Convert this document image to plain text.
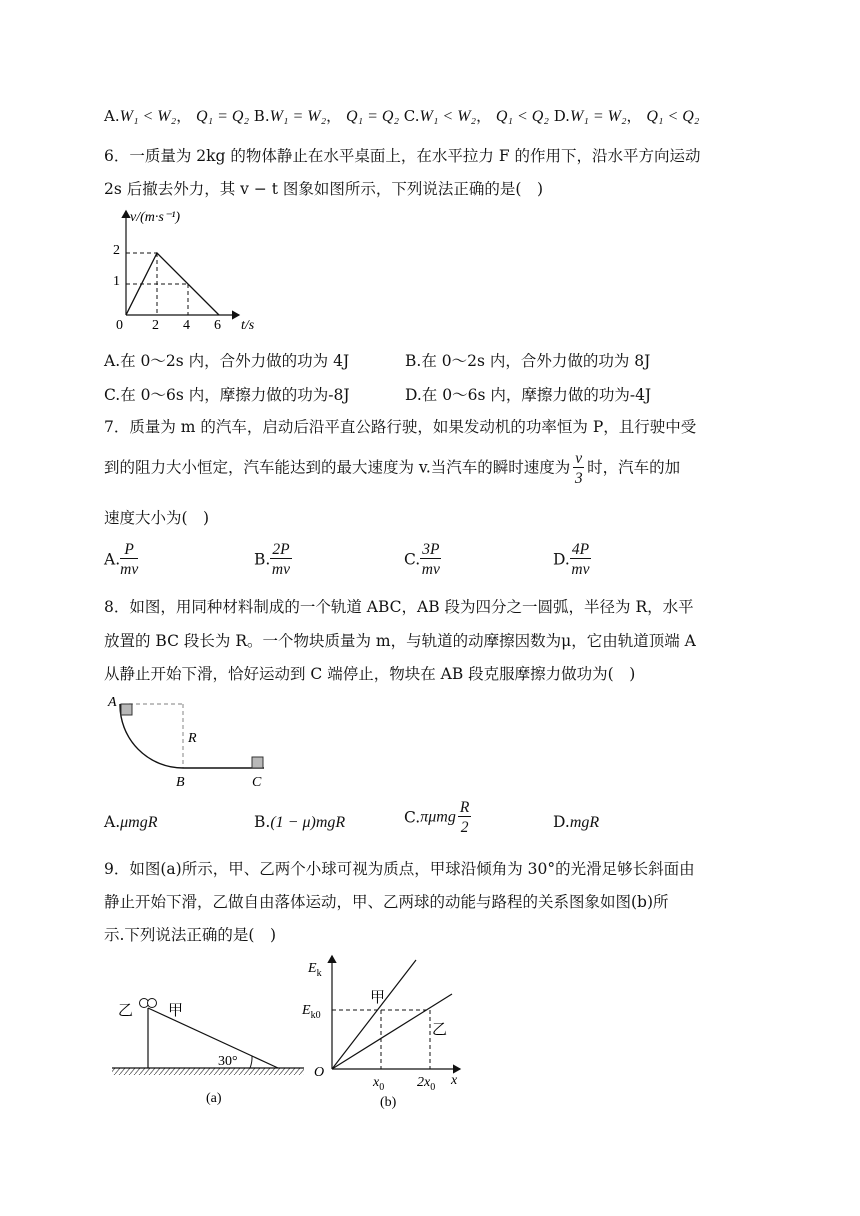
A.W₁ < W₂， Q₁ = Q₂ B.W₁ = W₂， Q₁ = Q₂ C.W₁ < W₂， Q₁ < Q₂ D.W₁ = W₂， Q₁ < Q₂
6．一质量为 2kg 的物体静止在水平桌面上，在水平拉力 F 的作用下，沿水平方向运动
2s 后撤去外力，其 v − t 图象如图所示，下列说法正确的是(　)
v/(m·s⁻¹)
0
2
1
2 4 6 t/s
A.在 0～2s 内，合外力做的功为 4J	B.在 0～2s 内，合外力做的功为 8J
C.在 0～6s 内，摩擦力做的功为-8J	D.在 0～6s 内，摩擦力做的功为-4J
7．质量为 m 的汽车，启动后沿平直公路行驶，如果发动机的功率恒为 P，且行驶中受
到的阻力大小恒定，汽车能达到的最大速度为 v.当汽车的瞬时速度为 $\frac{v}{3}$ 时，汽车的加
速度大小为(　)
A. $\frac{P}{mv}$	B. $\frac{2P}{mv}$	C. $\frac{3P}{mv}$	D. $\frac{4P}{mv}$
8．如图，用同种材料制成的一个轨道 ABC，AB 段为四分之一圆弧，半径为 R，水平
放置的 BC 段长为 R。一个物块质量为 m，与轨道的动摩擦因数为μ，它由轨道顶端 A
从静止开始下滑，恰好运动到 C 端停止，物块在 AB 段克服摩擦力做功为(　)
A
R
B	C
A.μmgR	B.(1 − μ)mgR	$C.\pi\mu mg \frac{R}{2}$	D.mgR
9．如图(a)所示，甲、乙两个小球可视为质点，甲球沿倾角为 30°的光滑足够长斜面由
静止开始下滑，乙做自由落体运动，甲、乙两球的动能与路程的关系图象如图(b)所
示.下列说法正确的是(　)
乙 甲
30°
(a)
$E_k$
$E_{k0}$
甲
乙
O
$x_0$ $2x_0$ x
(b)
